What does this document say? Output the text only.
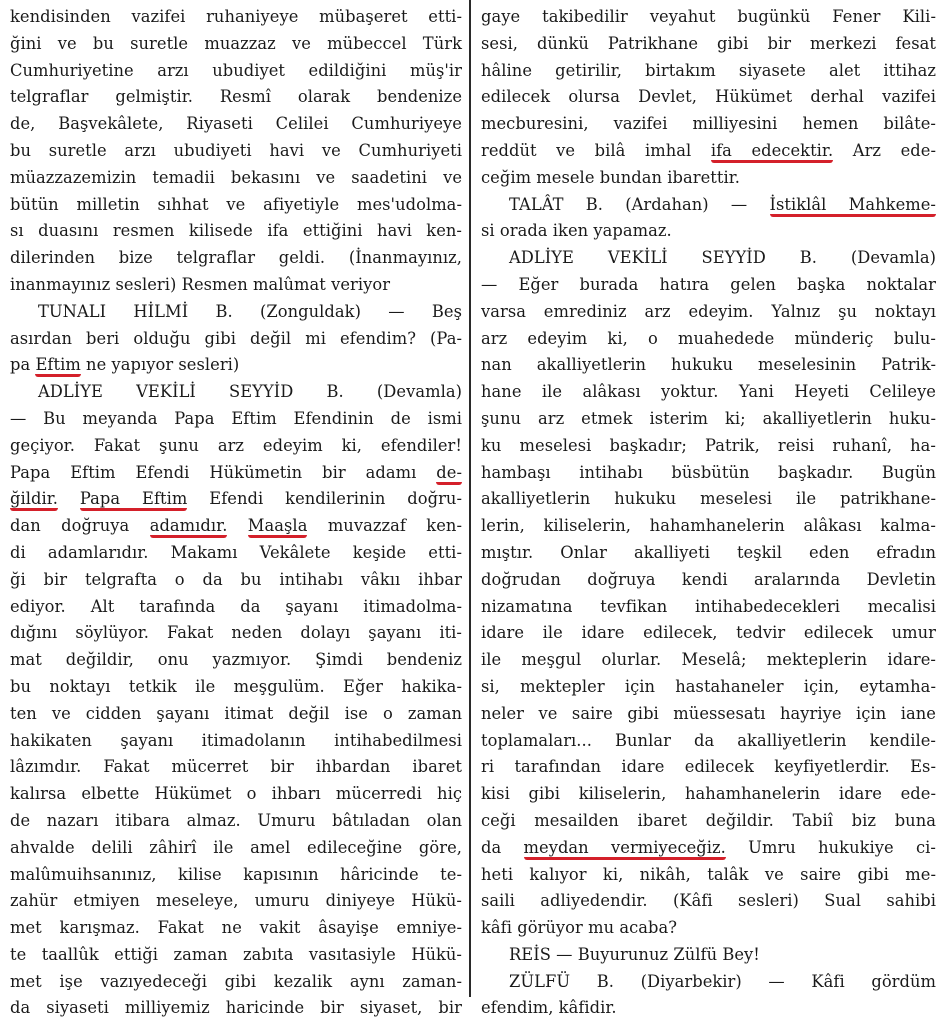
kendisinden vazifei ruhaniyeye mübaşeret etti-
ğini ve bu suretle muazzaz ve mübeccel Türk
Cumhuriyetine arzı ubudiyet edildiğini müş'ir
telgraflar gelmiştir. Resmî olarak bendenize
de, Başvekâlete, Riyaseti Celilei Cumhuriyeye
bu suretle arzı ubudiyeti havi ve Cumhuriyeti
müazzazemizin temadii bekasını ve saadetini ve
bütün milletin sıhhat ve afiyetiyle mes'udolma-
sı duasını resmen kilisede ifa ettiğini havi ken-
dilerinden bize telgraflar geldi. (İnanmayınız,
inanmayınız sesleri) Resmen malûmat veriyor
TUNALI HİLMİ B. (Zonguldak) — Beş
asırdan beri olduğu gibi değil mi efendim? (Pa-
pa Eftim ne yapıyor sesleri)
ADLİYE VEKİLİ SEYYİD B. (Devamla)
— Bu meyanda Papa Eftim Efendinin de ismi
geçiyor. Fakat şunu arz edeyim ki, efendiler!
Papa Eftim Efendi Hükümetin bir adamı de-
ğildir. Papa Eftim Efendi kendilerinin doğru-
dan doğruya adamıdır. Maaşla muvazzaf ken-
di adamlarıdır. Makamı Vekâlete keşide etti-
ği bir telgrafta o da bu intihabı vâkıı ihbar
ediyor. Alt tarafında da şayanı itimadolma-
dığını söylüyor. Fakat neden dolayı şayanı iti-
mat değildir, onu yazmıyor. Şimdi bendeniz
bu noktayı tetkik ile meşgulüm. Eğer hakika-
ten ve cidden şayanı itimat değil ise o zaman
hakikaten şayanı itimadolanın intihabedilmesi
lâzımdır. Fakat mücerret bir ihbardan ibaret
kalırsa elbette Hükümet o ihbarı mücerredi hiç
de nazarı itibara almaz. Umuru bâtıladan olan
ahvalde delili zâhirî ile amel edileceğine göre,
malûmuihsanınız, kilise kapısının hâricinde te-
zahür etmiyen meseleye, umuru diniyeye Hükü-
met karışmaz. Fakat ne vakit âsayişe emniye-
te taallûk ettiği zaman zabıta vasıtasiyle Hükü-
met işe vazıyedeceği gibi kezalik aynı zaman-
da siyaseti milliyemiz haricinde bir siyaset, bir
gaye takibedilir veyahut bugünkü Fener Kili-
sesi, dünkü Patrikhane gibi bir merkezi fesat
hâline getirilir, birtakım siyasete alet ittihaz
edilecek olursa Devlet, Hükümet derhal vazifei
mecburesini, vazifei milliyesini hemen bilâte-
reddüt ve bilâ imhal ifa edecektir. Arz ede-
ceğim mesele bundan ibarettir.
TALÂT B. (Ardahan) — İstiklâl Mahkeme-
si orada iken yapamaz.
ADLİYE VEKİLİ SEYYİD B. (Devamla)
— Eğer burada hatıra gelen başka noktalar
varsa emrediniz arz edeyim. Yalnız şu noktayı
arz edeyim ki, o muahedede münderiç bulu-
nan akalliyetlerin hukuku meselesinin Patrik-
hane ile alâkası yoktur. Yani Heyeti Celileye
şunu arz etmek isterim ki; akalliyetlerin huku-
ku meselesi başkadır; Patrik, reisi ruhanî, ha-
hambaşı intihabı büsbütün başkadır. Bugün
akalliyetlerin hukuku meselesi ile patrikhane-
lerin, kiliselerin, hahamhanelerin alâkası kalma-
mıştır. Onlar akalliyeti teşkil eden efradın
doğrudan doğruya kendi aralarında Devletin
nizamatına tevfikan intihabedecekleri mecalisi
idare ile idare edilecek, tedvir edilecek umur
ile meşgul olurlar. Meselâ; mekteplerin idare-
si, mektepler için hastahaneler için, eytamha-
neler ve saire gibi müessesatı hayriye için iane
toplamaları... Bunlar da akalliyetlerin kendile-
ri tarafından idare edilecek keyfiyetlerdir. Es-
kisi gibi kiliselerin, hahamhanelerin idare ede-
ceği mesailden ibaret değildir. Tabiî biz buna
da meydan vermiyeceğiz. Umru hukukiye ci-
heti kalıyor ki, nikâh, talâk ve saire gibi me-
saili adliyedendir. (Kâfi sesleri) Sual sahibi
kâfi görüyor mu acaba?
REİS — Buyurunuz Zülfü Bey!
ZÜLFÜ B. (Diyarbekir) — Kâfi gördüm
efendim, kâfidir.
